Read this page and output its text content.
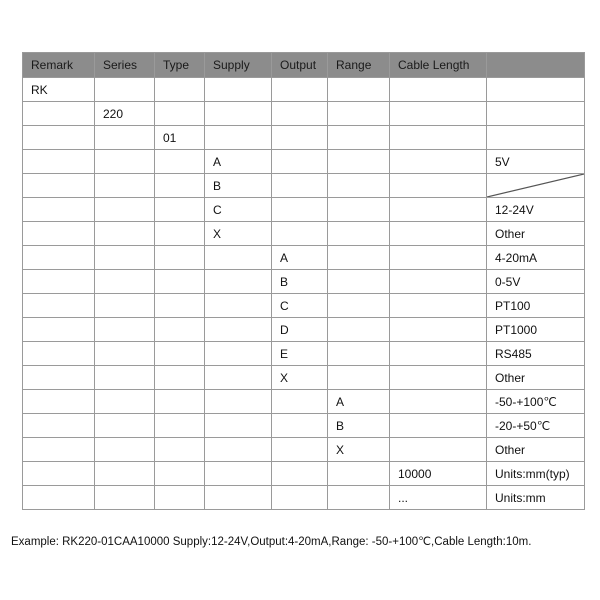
Remark	Series	Type	Supply	Output	Range	Cable Length	
RK							
	220						
		01					
			A				5V
			B				

			C				12-24V
			X				Other
				A			4-20mA
				B			0-5V
				C			PT100
				D			PT1000
				E			RS485
				X			Other
					A		-50-+100℃
					B		-20-+50℃
					X		Other
						10000	Units:mm(typ)
						...	Units:mm
Example: RK220-01CAA10000 Supply:12-24V,Output:4-20mA,Range: -50-+100℃,Cable Length:10m.
